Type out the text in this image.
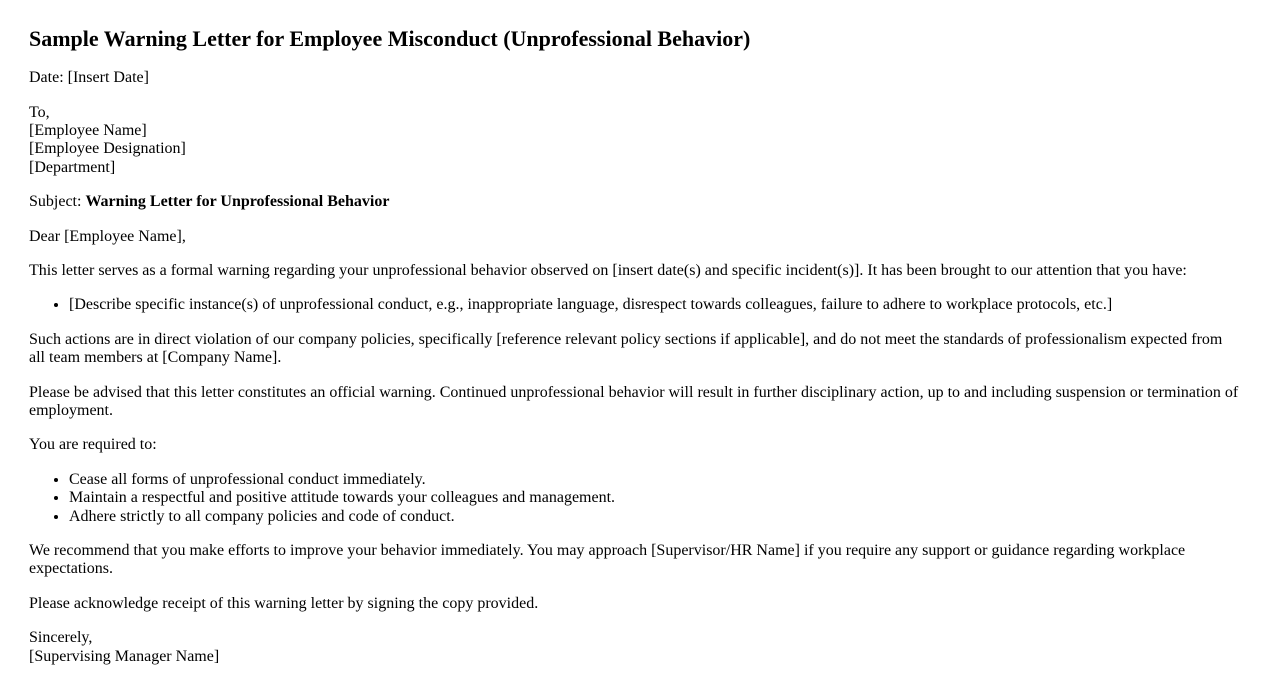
Sample Warning Letter for Employee Misconduct (Unprofessional Behavior)

Date: [Insert Date]

To,
[Employee Name]
[Employee Designation]
[Department]

Subject: Warning Letter for Unprofessional Behavior

Dear [Employee Name],

This letter serves as a formal warning regarding your unprofessional behavior observed on [insert date(s) and specific incident(s)]. It has been brought to our attention that you have:

• [Describe specific instance(s) of unprofessional conduct, e.g., inappropriate language, disrespect towards colleagues, failure to adhere to workplace protocols, etc.]

Such actions are in direct violation of our company policies, specifically [reference relevant policy sections if applicable], and do not meet the standards of professionalism expected from all team members at [Company Name].

Please be advised that this letter constitutes an official warning. Continued unprofessional behavior will result in further disciplinary action, up to and including suspension or termination of employment.

You are required to:

• Cease all forms of unprofessional conduct immediately.
• Maintain a respectful and positive attitude towards your colleagues and management.
• Adhere strictly to all company policies and code of conduct.

We recommend that you make efforts to improve your behavior immediately. You may approach [Supervisor/HR Name] if you require any support or guidance regarding workplace expectations.

Please acknowledge receipt of this warning letter by signing the copy provided.

Sincerely,
[Supervising Manager Name]
